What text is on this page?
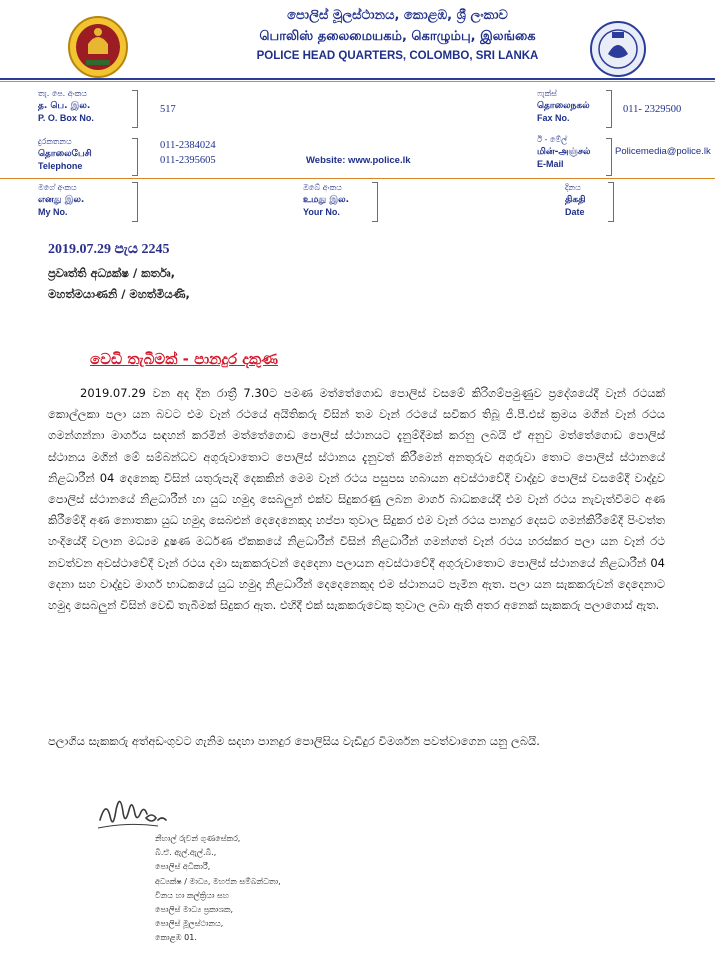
පොලිස් මූලස්ථානය, කොළඹ, ශ්‍රී ලංකාව
பொலிஸ் தலைமையகம், கொழும்பு, இலங்கை
POLICE HEAD QUARTERS, COLOMBO, SRI LANKA
තැ. පෙ. අංකය
த. பெ. இல.
P. O. Box No.
517
ෆැක්ස්
தொலைநகல்
Fax No.
011- 2329500
දුරකතනය
தொலைபேசி
Telephone
011-2384024
011-2395605	Website: www.police.lk
ඊ - මේල්
மின்-அஞ்சல்
E-Mail
Policemedia@police.lk
මගේ අංකය
எனது இல.
My No.
ඔබේ අංකය
உமது இல.
Your No.
දිනය
திகதி
Date
2019.07.29 පැය 2245
ප්‍රවෘත්ති අධ්‍යක්ෂ / කර්තෘ,
මහත්මයාණනි / මහත්මියණි,
වෙඩි තැබීමක් - පානදුර දකුණ
2019.07.29 වන අද දින රාත්‍රී 7.30ට පමණ මත්තේගොඩ පොලිස් වසමේ කිරිගම්පමුණුව ප්‍රදේශයේදී වෑන් රථයක් කොල්ලකා පලා යන බවට එම වෑන් රථයේ අයිතිකරු විසින් තම වෑන් රථයේ සවිකර තිබූ ජී.පී.එස් ක්‍රමය මගින් වෑන් රථය ගමන්ගන්නා මාර්ගය සඳහන් කරමින් මත්තේගොඩ පොලිස් ස්ථානයට දැනුම්දීමක් කරනු ලබයි ඒ අනුව මත්තේගොඩ පොලිස් ස්ථානය මගින් මේ සම්බන්ධව අගුරුවාතොට පොලිස් ස්ථානය දැනුවත් කිරීමෙන් අනතුරුව අගුරුවා තොට පොලිස් ස්ථානයේ නිළධාරීන් 04 දෙනෙකු විසින් යතුරුපැදි දෙකකින් මෙම වෑන් රථය පසුපස හබායන අවස්ථාවේදී වාද්දුව පොලිස් වසමේදී වාද්දුව පොලිස් ස්ථානයේ නිළධාරීන් හා යුධ හමුදා සෙබලුන් එක්ව සිදුකරණු ලබන මාර්ග බාධකයේදී එම වෑන් රථය නැවැත්වීමට අණ කිරීමේදී අණ නොතකා යුධ හමුදා සෙබළුන් දෙදෙනෙකුද හප්පා තුවාල සිදුකර එම වෑන් රථය පානදුර දෙසට ගමන්කිරීමේදී පිංවත්ත හංදියේදී වලාන මධ්‍යම දූෂණ මර්ධණ ඒකකයේ නිළධාරීන් විසින් නිළධාරීන් ගමන්ගත් වෑන් රථය හරස්කර පලා යන වෑන් රථ නවත්වන අවස්ථාවේදී වෑන් රථය දමා සැකකරුවන් දෙදෙනා පලායන අවස්ථාවේදී අගුරුවාතොට පොලිස් ස්ථානයේ නිළධාරීන් 04 දෙනා සහ වාද්දුව මාර්ග භාධකයේ යුධ හමුදා නිළධාරීන් දෙදෙනෙකුද එම ස්ථානයට පැමින ඇත. පලා යන සැකකරුවන් දෙදෙනාට හමුදා සෙබලුන් විසින් වෙඩි තැබීමක් සිදුකර ඇත. එහිදී එක් සැකකරුවෙකු තුවාල ලබා ඇති අතර අනෙක් සැකකරු පලාගොස් ඇත.
පලාගිය සැකකරු අත්අඩංගුවට ගැනිම සදහා පානදුර පොලිසිය වැඩිදුර විමර්ශන පවත්වාගෙන යනු ලබයි.
නීහාල් රුවන් ගුණසේකර,
බී.ඒ. ඇල්.ඇල්.බී.,
පොලිස් අධිකාරී,
අධ්‍යක්ෂ / මාධ්‍ය, මහජන සම්බන්ධතා,
විනය හා කල්ක්‍රියා සහ
පොලිස් මාධ්‍ය ප්‍රකාශක,
පොලිස් මූලස්ථානය,
කොළඹ 01.
